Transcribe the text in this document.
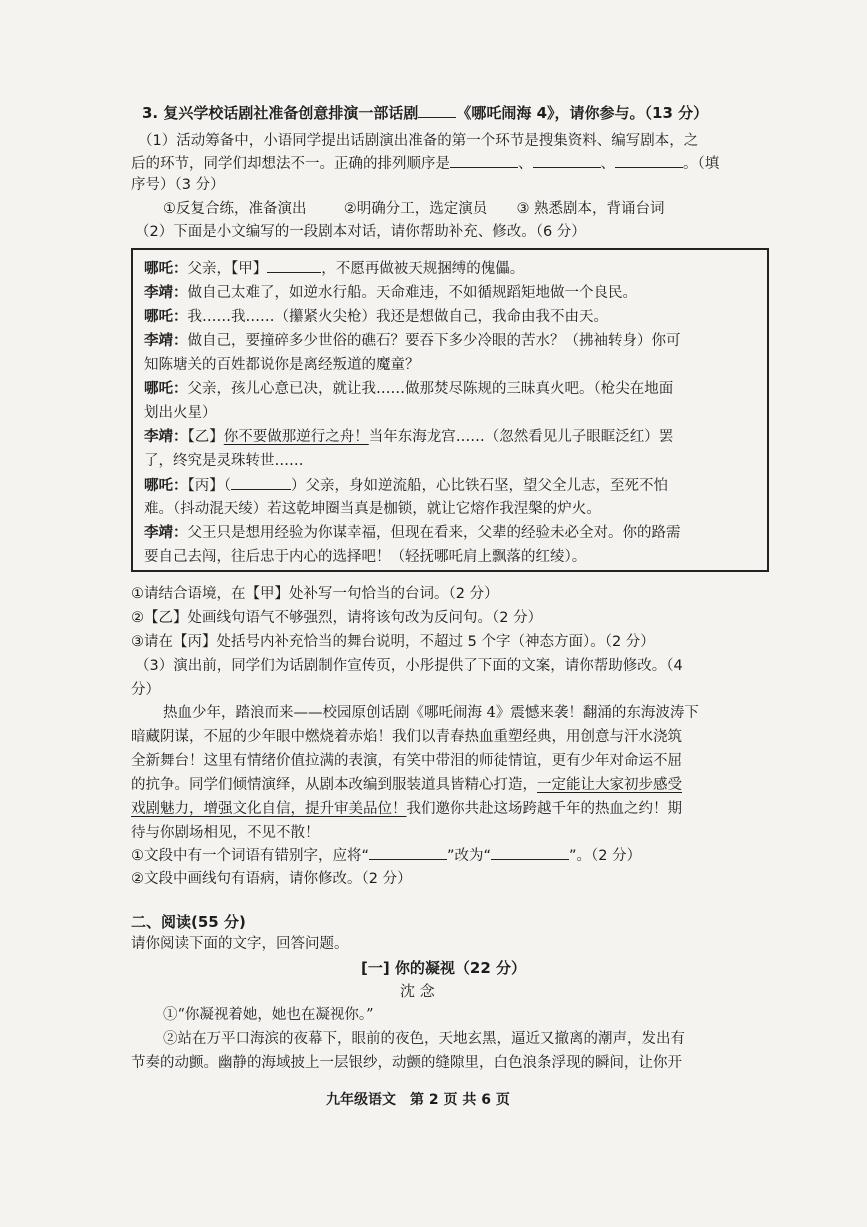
3. 复兴学校话剧社准备创意排演一部话剧	《哪吒闹海 4》，请你参与。（13 分）
（1）活动筹备中，小语同学提出话剧演出准备的第一个环节是搜集资料、编写剧本，之
后的环节，同学们却想法不一。正确的排列顺序是	、	、	。（填
序号）（3 分）
①反复合练，准备演出	②明确分工，选定演员 ③ 熟悉剧本，背诵台词
（2）下面是小文编写的一段剧本对话，请你帮助补充、修改。（6 分）
哪吒：父亲，【甲】	，不愿再做被天规捆缚的傀儡。
李靖：做自己太难了，如逆水行船。天命难违，不如循规蹈矩地做一个良民。
哪吒：我……我……（攥紧火尖枪）我还是想做自己，我命由我不由天。
李靖：做自己，要撞碎多少世俗的礁石？要吞下多少冷眼的苦水？（拂袖转身）你可
知陈塘关的百姓都说你是离经叛道的魔童？
哪吒：父亲，孩儿心意已决，就让我……做那焚尽陈规的三昧真火吧。（枪尖在地面
划出火星）
李靖：【乙】你不要做那逆行之舟！当年东海龙宫……（忽然看见儿子眼眶泛红）罢
了，终究是灵珠转世……
哪吒：【丙】（	）父亲，身如逆流船，心比铁石坚，望父全儿志，至死不怕
难。（抖动混天绫）若这乾坤圈当真是枷锁，就让它熔作我涅槃的炉火。
李靖：父王只是想用经验为你谋幸福，但现在看来，父辈的经验未必全对。你的路需
要自己去闯，往后忠于内心的选择吧！（轻抚哪吒肩上飘落的红绫）。
①请结合语境，在【甲】处补写一句恰当的台词。（2 分）
②【乙】处画线句语气不够强烈，请将该句改为反问句。（2 分）
③请在【丙】处括号内补充恰当的舞台说明，不超过 5 个字（神态方面）。（2 分）
（3）演出前，同学们为话剧制作宣传页，小彤提供了下面的文案，请你帮助修改。（4
分）
热血少年，踏浪而来——校园原创话剧《哪吒闹海 4》震憾来袭！翻涌的东海波涛下
暗藏阴谋，不屈的少年眼中燃烧着赤焰！我们以青春热血重塑经典，用创意与汗水浇筑
全新舞台！这里有情绪价值拉满的表演，有笑中带泪的师徒情谊，更有少年对命运不屈
的抗争。同学们倾情演绎，从剧本改编到服装道具皆精心打造，一定能让大家初步感受
戏剧魅力，增强文化自信，提升审美品位！我们邀你共赴这场跨越千年的热血之约！期
待与你剧场相见，不见不散！
①文段中有一个词语有错别字，应将“	”改为“	”。（2 分）
②文段中画线句有语病，请你修改。（2 分）
二、阅读(55 分)
请你阅读下面的文字，回答问题。
[一] 你的凝视（22 分）
沈 念
①“你凝视着她，她也在凝视你。”
②站在万平口海滨的夜幕下，眼前的夜色，天地玄黑，逼近又撤离的潮声，发出有
节奏的动颤。幽静的海域披上一层银纱，动颤的缝隙里，白色浪条浮现的瞬间，让你开
九年级语文　第 2 页 共 6 页
